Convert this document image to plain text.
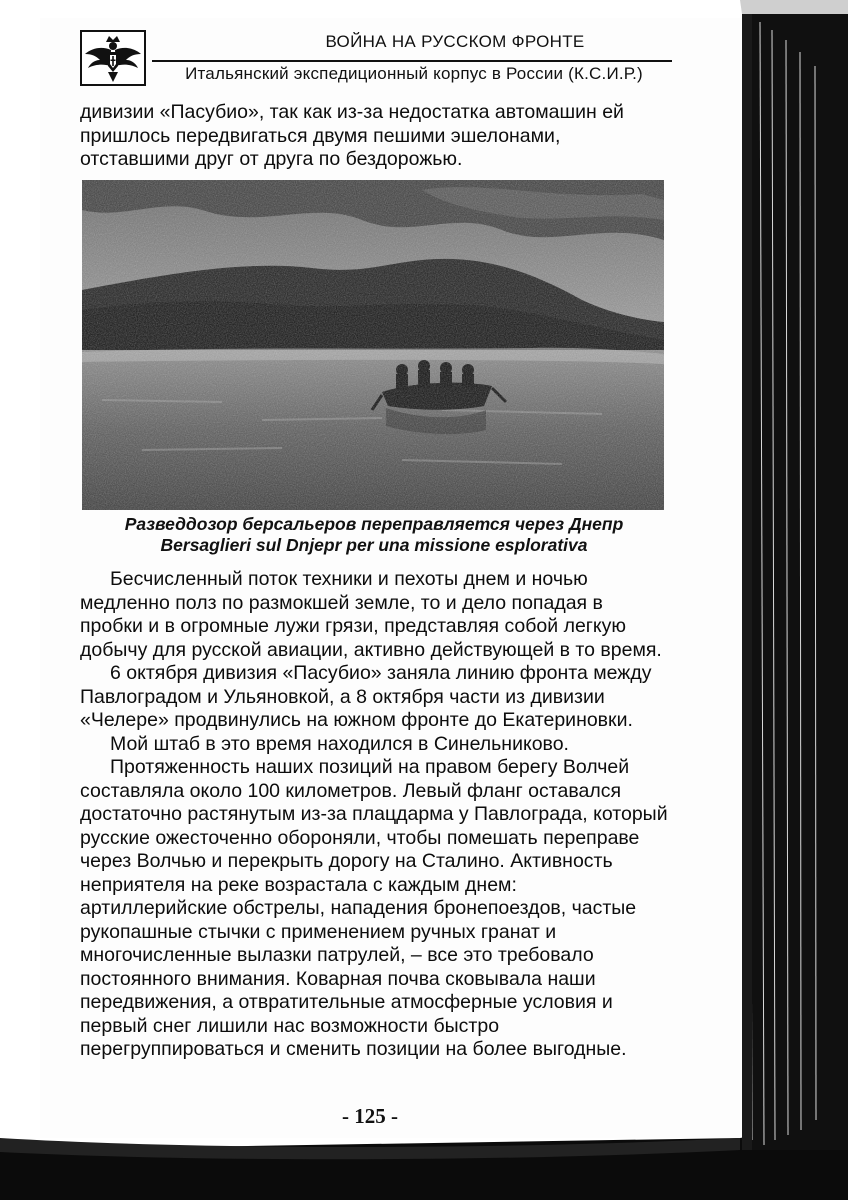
ВОЙНА НА РУССКОМ ФРОНТЕ
Итальянский экспедиционный корпус в России (К.С.И.Р.)

дивизии «Пасубио», так как из-за недостатка автомашин ей пришлось передвигаться двумя пешими эшелонами, отставшими друг от друга по бездорожью.

Разведдозор берсальеров переправляется через Днепр
Bersaglieri sul Dnjepr per una missione esplorativa

Бесчисленный поток техники и пехоты днем и ночью медленно полз по размокшей земле, то и дело попадая в пробки и в огромные лужи грязи, представляя собой легкую добычу для русской авиации, активно действующей в то время.

6 октября дивизия «Пасубио» заняла линию фронта между Павлоградом и Ульяновкой, а 8 октября части из дивизии «Челере» продвинулись на южном фронте до Екатериновки.

Мой штаб в это время находился в Синельниково.

Протяженность наших позиций на правом берегу Волчей составляла около 100 километров. Левый фланг оставался достаточно растянутым из-за плацдарма у Павлограда, который русские ожесточенно обороняли, чтобы помешать переправе через Волчью и перекрыть дорогу на Сталино. Активность неприятеля на реке возрастала с каждым днем: артиллерийские обстрелы, нападения бронепоездов, частые рукопашные стычки с применением ручных гранат и многочисленные вылазки патрулей, – все это требовало постоянного внимания. Коварная почва сковывала наши передвижения, а отвратительные атмосферные условия и первый снег лишили нас возможности быстро перегруппироваться и сменить позиции на более выгодные.

- 125 -
